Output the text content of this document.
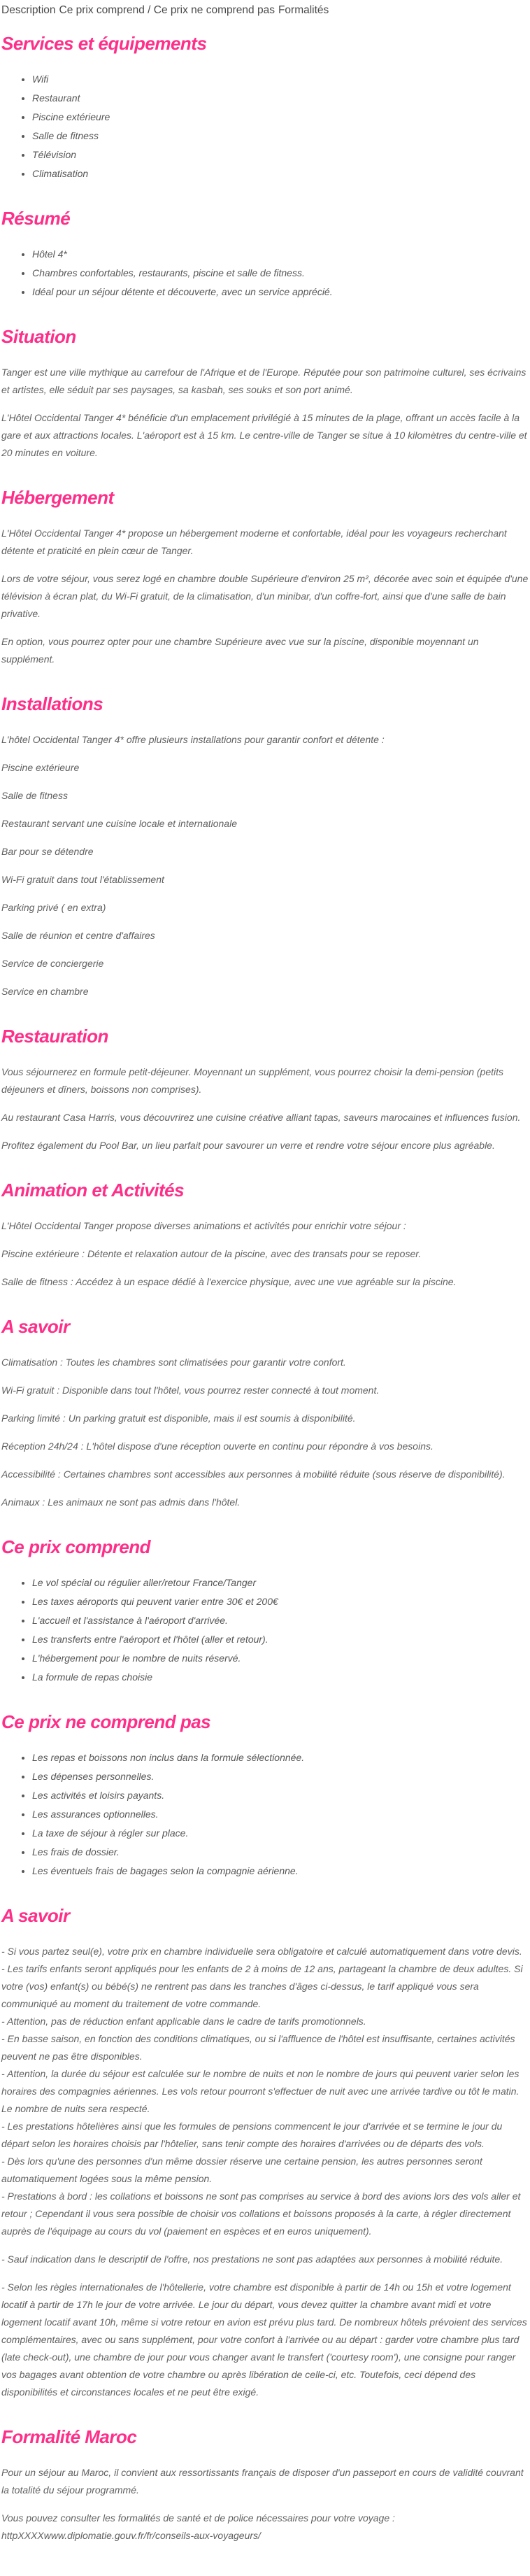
Description Ce prix comprend / Ce prix ne comprend pas Formalités
Services et équipements
• Wifi
• Restaurant
• Piscine extérieure
• Salle de fitness
• Télévision
• Climatisation
Résumé
• Hôtel 4*
• Chambres confortables, restaurants, piscine et salle de fitness.
• Idéal pour un séjour détente et découverte, avec un service apprécié.
Situation

Tanger est une ville mythique au carrefour de l'Afrique et de l'Europe. Réputée pour son patrimoine culturel, ses écrivains et artistes, elle séduit par ses paysages, sa kasbah, ses souks et son port animé.

L'Hôtel Occidental Tanger 4* bénéficie d'un emplacement privilégié à 15 minutes de la plage, offrant un accès facile à la gare et aux attractions locales. L'aéroport est à 15 km. Le centre-ville de Tanger se situe à 10 kilomètres du centre-ville et 20 minutes en voiture.

Hébergement

L'Hôtel Occidental Tanger 4* propose un hébergement moderne et confortable, idéal pour les voyageurs recherchant détente et praticité en plein cœur de Tanger.

Lors de votre séjour, vous serez logé en chambre double Supérieure d'environ 25 m², décorée avec soin et équipée d'une télévision à écran plat, du Wi-Fi gratuit, de la climatisation, d'un minibar, d'un coffre-fort, ainsi que d'une salle de bain privative.

En option, vous pourrez opter pour une chambre Supérieure avec vue sur la piscine, disponible moyennant un supplément.

Installations

L'hôtel Occidental Tanger 4* offre plusieurs installations pour garantir confort et détente :

Piscine extérieure

Salle de fitness

Restaurant servant une cuisine locale et internationale

Bar pour se détendre

Wi-Fi gratuit dans tout l'établissement

Parking privé ( en extra)

Salle de réunion et centre d'affaires

Service de conciergerie

Service en chambre

Restauration

Vous séjournerez en formule petit-déjeuner. Moyennant un supplément, vous pourrez choisir la demi-pension (petits déjeuners et dîners, boissons non comprises).

Au restaurant Casa Harris, vous découvrirez une cuisine créative alliant tapas, saveurs marocaines et influences fusion.

Profitez également du Pool Bar, un lieu parfait pour savourer un verre et rendre votre séjour encore plus agréable.

Animation et Activités

L'Hôtel Occidental Tanger propose diverses animations et activités pour enrichir votre séjour :

Piscine extérieure : Détente et relaxation autour de la piscine, avec des transats pour se reposer.

Salle de fitness : Accédez à un espace dédié à l'exercice physique, avec une vue agréable sur la piscine.

A savoir

Climatisation : Toutes les chambres sont climatisées pour garantir votre confort.

Wi-Fi gratuit : Disponible dans tout l'hôtel, vous pourrez rester connecté à tout moment.

Parking limité : Un parking gratuit est disponible, mais il est soumis à disponibilité.

Réception 24h/24 : L'hôtel dispose d'une réception ouverte en continu pour répondre à vos besoins.

Accessibilité : Certaines chambres sont accessibles aux personnes à mobilité réduite (sous réserve de disponibilité).

Animaux : Les animaux ne sont pas admis dans l'hôtel.

Ce prix comprend
• Le vol spécial ou régulier aller/retour France/Tanger
• Les taxes aéroports qui peuvent varier entre 30€ et 200€
• L'accueil et l'assistance à l'aéroport d'arrivée.
• Les transferts entre l'aéroport et l'hôtel (aller et retour).
• L'hébergement pour le nombre de nuits réservé.
• La formule de repas choisie
Ce prix ne comprend pas
• Les repas et boissons non inclus dans la formule sélectionnée.
• Les dépenses personnelles.
• Les activités et loisirs payants.
• Les assurances optionnelles.
• La taxe de séjour à régler sur place.
• Les frais de dossier.
• Les éventuels frais de bagages selon la compagnie aérienne.
A savoir

- Si vous partez seul(e), votre prix en chambre individuelle sera obligatoire et calculé automatiquement dans votre devis.
- Les tarifs enfants seront appliqués pour les enfants de 2 à moins de 12 ans, partageant la chambre de deux adultes. Si votre (vos) enfant(s) ou bébé(s) ne rentrent pas dans les tranches d'âges ci-dessus, le tarif appliqué vous sera communiqué au moment du traitement de votre commande.
- Attention, pas de réduction enfant applicable dans le cadre de tarifs promotionnels.
- En basse saison, en fonction des conditions climatiques, ou si l'affluence de l'hôtel est insuffisante, certaines activités peuvent ne pas être disponibles.
- Attention, la durée du séjour est calculée sur le nombre de nuits et non le nombre de jours qui peuvent varier selon les horaires des compagnies aériennes. Les vols retour pourront s'effectuer de nuit avec une arrivée tardive ou tôt le matin. Le nombre de nuits sera respecté.
- Les prestations hôtelières ainsi que les formules de pensions commencent le jour d'arrivée et se termine le jour du départ selon les horaires choisis par l'hôtelier, sans tenir compte des horaires d'arrivées ou de départs des vols.
- Dès lors qu'une des personnes d'un même dossier réserve une certaine pension, les autres personnes seront automatiquement logées sous la même pension.
- Prestations à bord : les collations et boissons ne sont pas comprises au service à bord des avions lors des vols aller et retour ; Cependant il vous sera possible de choisir vos collations et boissons proposés à la carte, à régler directement auprès de l'équipage au cours du vol (paiement en espèces et en euros uniquement).

- Sauf indication dans le descriptif de l'offre, nos prestations ne sont pas adaptées aux personnes à mobilité réduite.

- Selon les règles internationales de l'hôtellerie, votre chambre est disponible à partir de 14h ou 15h et votre logement locatif à partir de 17h le jour de votre arrivée. Le jour du départ, vous devez quitter la chambre avant midi et votre logement locatif avant 10h, même si votre retour en avion est prévu plus tard. De nombreux hôtels prévoient des services complémentaires, avec ou sans supplément, pour votre confort à l'arrivée ou au départ : garder votre chambre plus tard (late check-out), une chambre de jour pour vous changer avant le transfert ('courtesy room'), une consigne pour ranger vos bagages avant obtention de votre chambre ou après libération de celle-ci, etc. Toutefois, ceci dépend des disponibilités et circonstances locales et ne peut être exigé.

Formalité Maroc

Pour un séjour au Maroc, il convient aux ressortissants français de disposer d'un passeport en cours de validité couvrant la totalité du séjour programmé.

Vous pouvez consulter les formalités de santé et de police nécessaires pour votre voyage : httpXXXXwww.diplomatie.gouv.fr/fr/conseils-aux-voyageurs/
